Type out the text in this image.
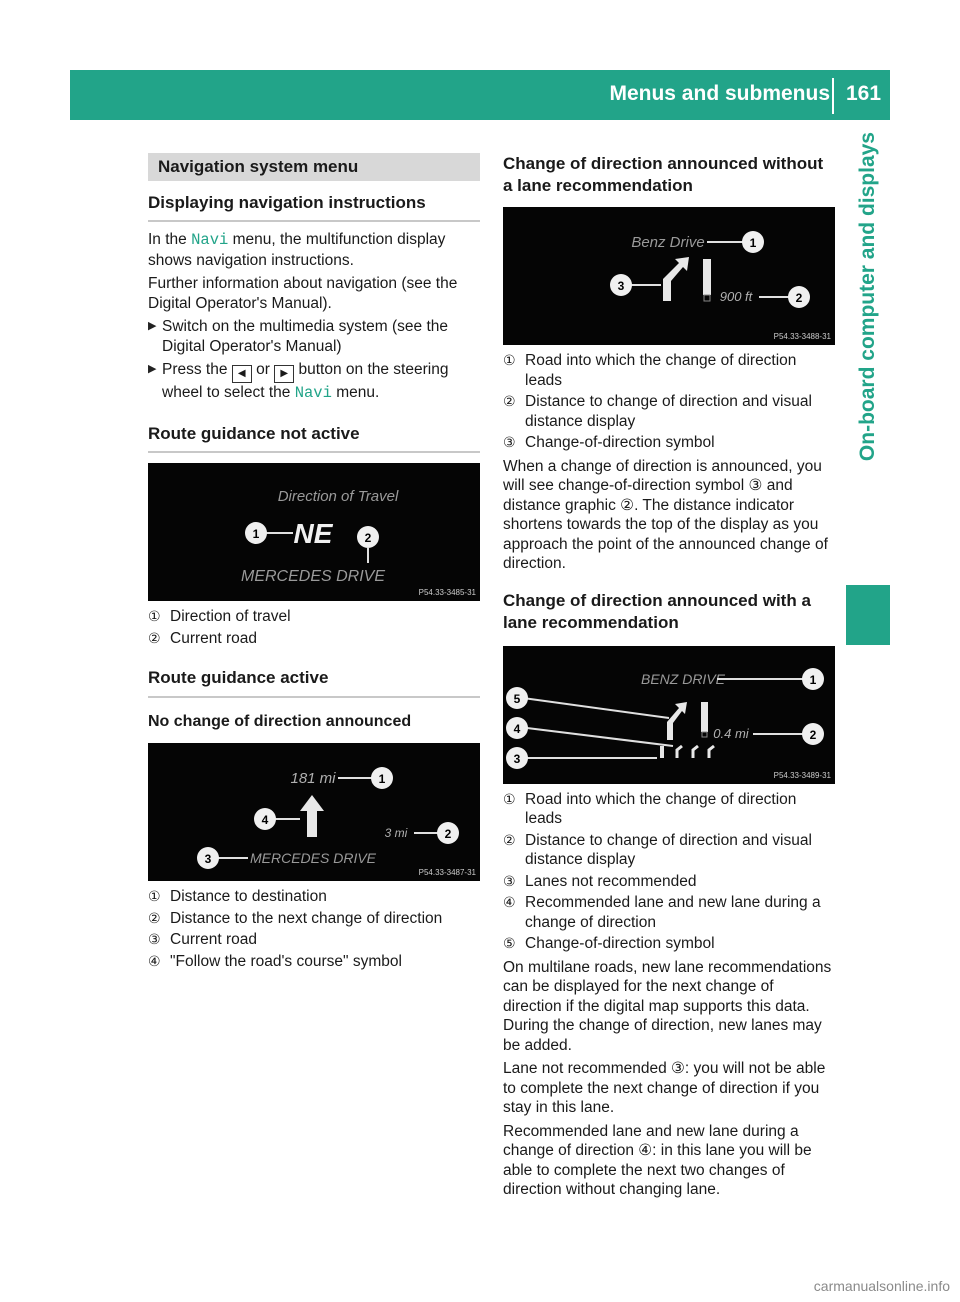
Menus and submenus 161
On-board computer and displays
Navigation system menu
Displaying navigation instructions

In the Navi menu, the multifunction display shows navigation instructions.

Further information about navigation (see the Digital Operator's Manual).

▶ Switch on the multimedia system (see the Digital Operator's Manual)
▶ Press the ◀ or ▶ button on the steering wheel to select the Navi menu.
Route guidance not active
Direction of Travel
NE
MERCEDES DRIVE
1	2
P54.33-3485-31
① Direction of travel
② Current road
Route guidance active
No change of direction announced
181 mi	1
4
3 mi	2
MERCEDES DRIVE
3
P54.33-3487-31
① Distance to destination
② Distance to the next change of direction
③ Current road
④ "Follow the road's course" symbol
Change of direction announced without a lane recommendation
Benz Drive	1
3
900 ft	2
P54.33-3488-31
① Road into which the change of direction leads
② Distance to change of direction and visual distance display
③ Change-of-direction symbol

When a change of direction is announced, you will see change-of-direction symbol ③ and distance graphic ②. The distance indicator shortens towards the top of the display as you approach the point of the announced change of direction.

Change of direction announced with a lane recommendation
BENZ DRIVE	1
0.4 mi	2
5
4
3
P54.33-3489-31
① Road into which the change of direction leads
② Distance to change of direction and visual distance display
③ Lanes not recommended
④ Recommended lane and new lane during a change of direction
⑤ Change-of-direction symbol

On multilane roads, new lane recommendations can be displayed for the next change of direction if the digital map supports this data. During the change of direction, new lanes may be added.

Lane not recommended ③: you will not be able to complete the next change of direction if you stay in this lane.

Recommended lane and new lane during a change of direction ④: in this lane you will be able to complete the next two changes of direction without changing lane.

carmanualsonline.info
